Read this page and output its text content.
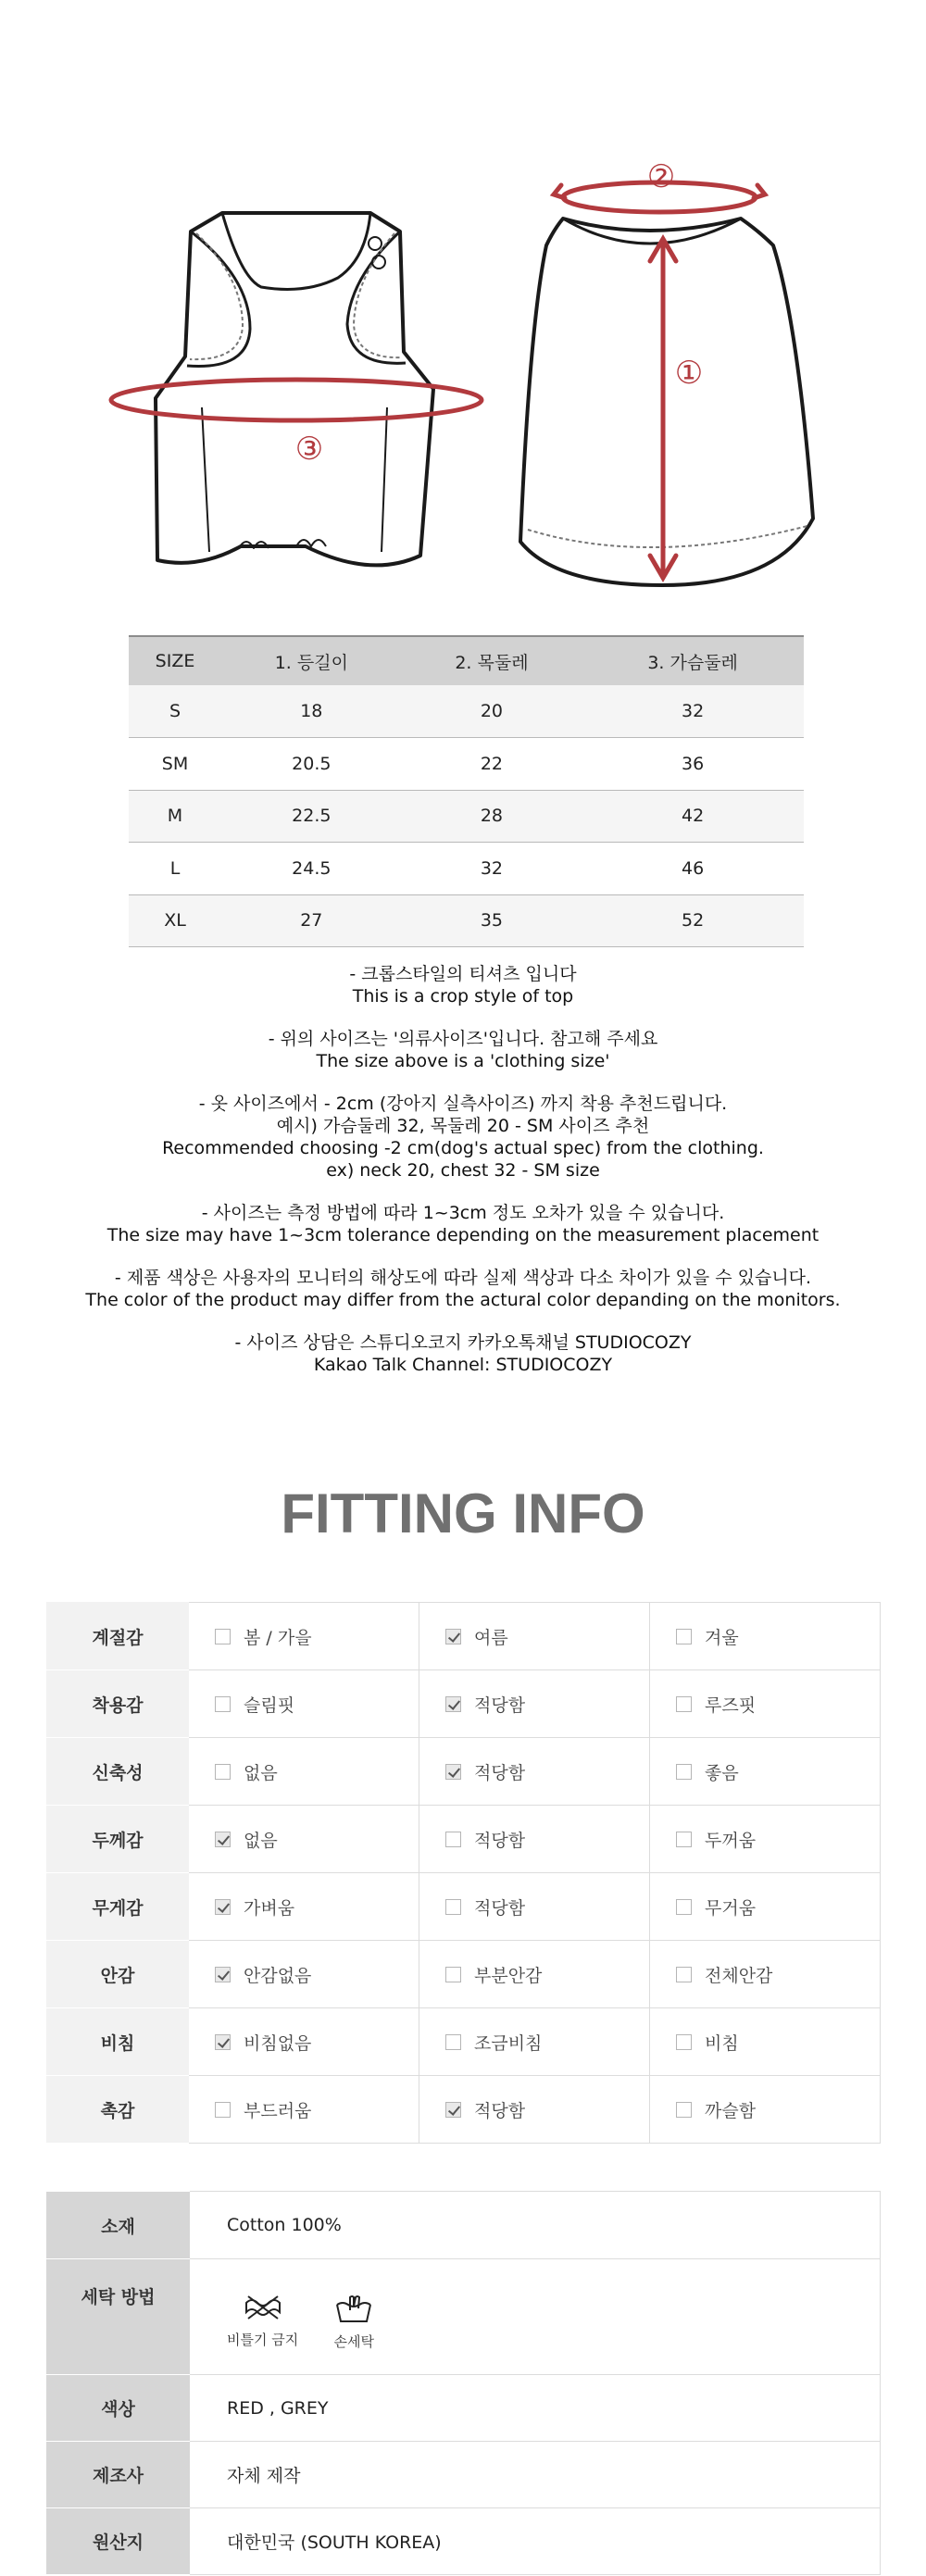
①
②
③
SIZE	1. 등길이	2. 목둘레	3. 가슴둘레
S	18	20	32
SM	20.5	22	36
M	22.5	28	42
L	24.5	32	46
XL	27	35	52
- 크롭스타일의 티셔츠 입니다
This is a crop style of top
- 위의 사이즈는 '의류사이즈'입니다. 참고해 주세요
The size above is a 'clothing size'
- 옷 사이즈에서 - 2cm (강아지 실측사이즈) 까지 착용 추천드립니다.
예시) 가슴둘레 32, 목둘레 20 - SM 사이즈 추천
Recommended choosing -2 cm(dog's actual spec) from the clothing.
ex) neck 20, chest 32 - SM size
- 사이즈는 측정 방법에 따라 1~3cm 정도 오차가 있을 수 있습니다.
The size may have 1~3cm tolerance depending on the measurement placement
- 제품 색상은 사용자의 모니터의 해상도에 따라 실제 색상과 다소 차이가 있을 수 있습니다.
The color of the product may differ from the actural color depanding on the monitors.
- 사이즈 상담은 스튜디오코지 카카오톡채널 STUDIOCOZY
Kakao Talk Channel: STUDIOCOZY
FITTING INFO
계절감	봄 / 가을	여름	겨울
착용감	슬림핏	적당함	루즈핏
신축성	없음	적당함	좋음
두께감	없음	적당함	두꺼움
무게감	가벼움	적당함	무거움
안감	안감없음	부분안감	전체안감
비침	비침없음	조금비침	비침
촉감	부드러움	적당함	까슬함
소재	Cotton 100%
세탁 방법	비틀기 금지 손세탁
색상	RED , GREY
제조사	자체 제작
원산지	대한민국 (SOUTH KOREA)
